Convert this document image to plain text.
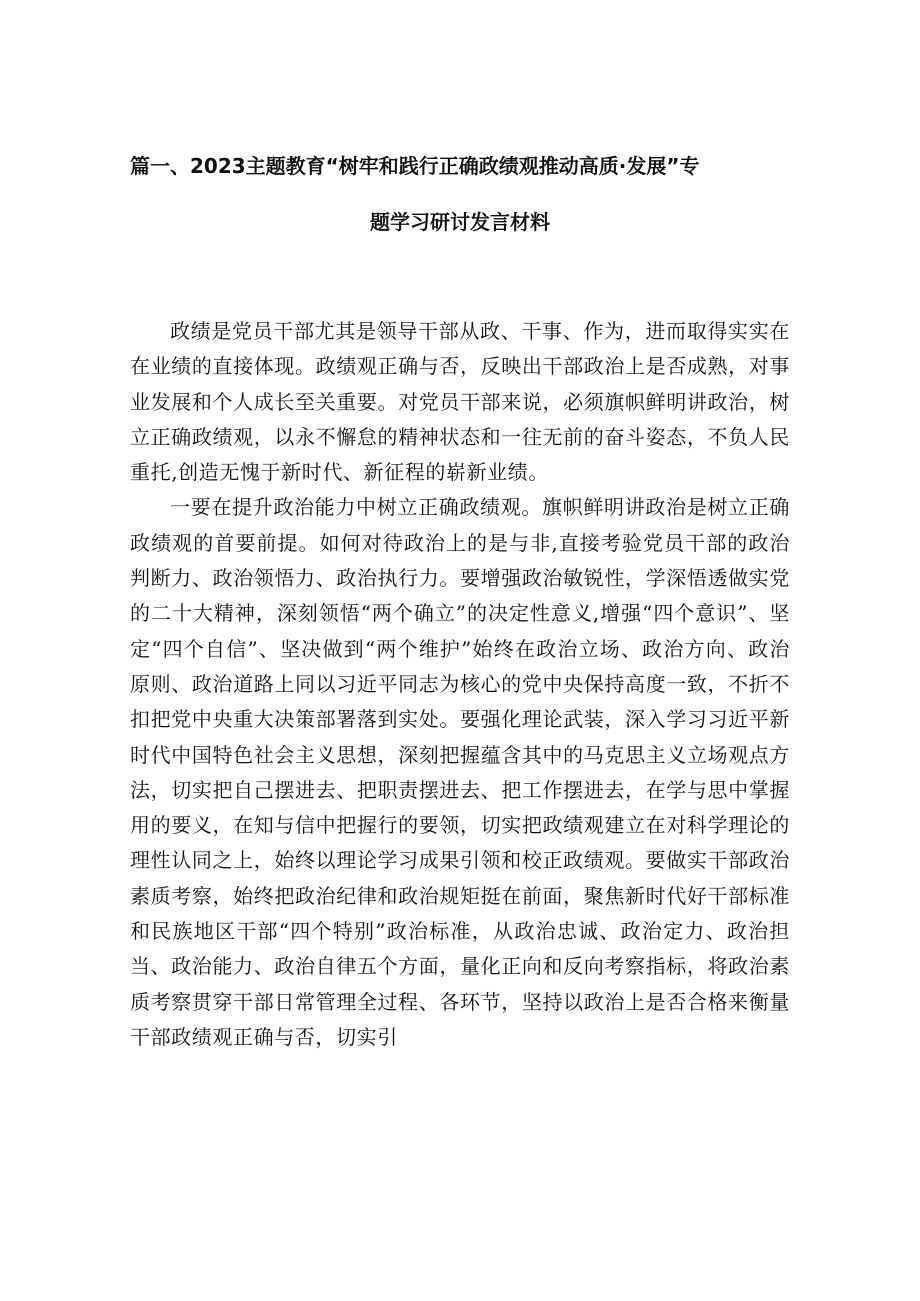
篇一、2023主题教育“树牢和践行正确政绩观推动高质·发展”专
题学习研讨发言材料

政绩是党员干部尤其是领导干部从政、干事、作为，进而取得实实在在业绩的直接体现。政绩观正确与否，反映出干部政治上是否成熟，对事业发展和个人成长至关重要。对党员干部来说，必须旗帜鲜明讲政治，树立正确政绩观，以永不懈怠的精神状态和一往无前的奋斗姿态，不负人民重托,创造无愧于新时代、新征程的崭新业绩。

一要在提升政治能力中树立正确政绩观。旗帜鲜明讲政治是树立正确政绩观的首要前提。如何对待政治上的是与非,直接考验党员干部的政治判断力、政治领悟力、政治执行力。要增强政治敏锐性，学深悟透做实党的二十大精神，深刻领悟“两个确立”的决定性意义,增强“四个意识”、坚定“四个自信”、坚决做到“两个维护”始终在政治立场、政治方向、政治原则、政治道路上同以习近平同志为核心的党中央保持高度一致，不折不扣把党中央重大决策部署落到实处。要强化理论武装，深入学习习近平新时代中国特色社会主义思想，深刻把握蕴含其中的马克思主义立场观点方法，切实把自己摆进去、把职责摆进去、把工作摆进去，在学与思中掌握用的要义，在知与信中把握行的要领，切实把政绩观建立在对科学理论的理性认同之上，始终以理论学习成果引领和校正政绩观。要做实干部政治素质考察，始终把政治纪律和政治规矩挺在前面，聚焦新时代好干部标准和民族地区干部“四个特别”政治标准，从政治忠诚、政治定力、政治担当、政治能力、政治自律五个方面，量化正向和反向考察指标，将政治素质考察贯穿干部日常管理全过程、各环节，坚持以政治上是否合格来衡量干部政绩观正确与否，切实引
